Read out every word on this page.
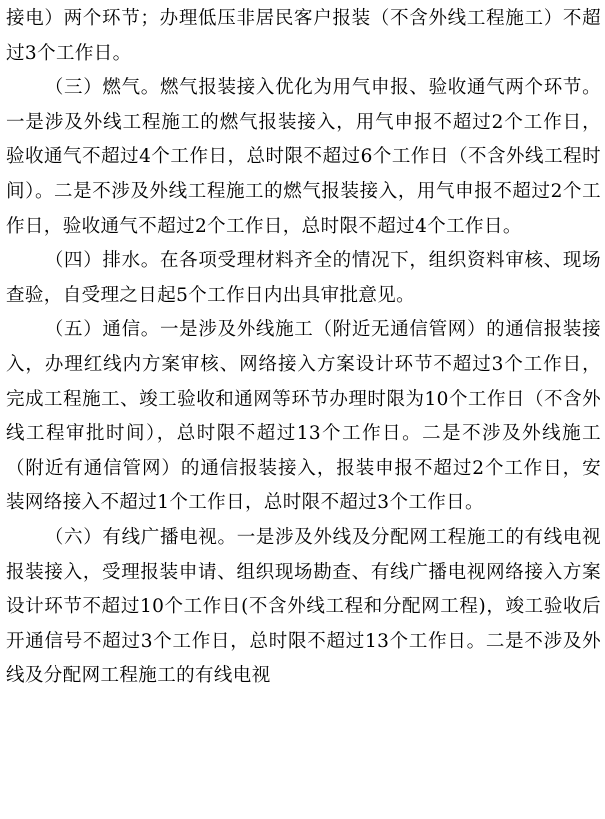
接电）两个环节；办理低压非居民客户报装（不含外线工程施工）不超过3个工作日。

（三）燃气。燃气报装接入优化为用气申报、验收通气两个环节。一是涉及外线工程施工的燃气报装接入，用气申报不超过2个工作日，验收通气不超过4个工作日，总时限不超过6个工作日（不含外线工程时间）。二是不涉及外线工程施工的燃气报装接入，用气申报不超过2个工作日，验收通气不超过2个工作日，总时限不超过4个工作日。

（四）排水。在各项受理材料齐全的情况下，组织资料审核、现场查验，自受理之日起5个工作日内出具审批意见。

（五）通信。一是涉及外线施工（附近无通信管网）的通信报装接入，办理红线内方案审核、网络接入方案设计环节不超过3个工作日，完成工程施工、竣工验收和通网等环节办理时限为10个工作日（不含外线工程审批时间），总时限不超过13个工作日。二是不涉及外线施工（附近有通信管网）的通信报装接入，报装申报不超过2个工作日，安装网络接入不超过1个工作日，总时限不超过3个工作日。

（六）有线广播电视。一是涉及外线及分配网工程施工的有线电视报装接入，受理报装申请、组织现场勘查、有线广播电视网络接入方案设计环节不超过10个工作日(不含外线工程和分配网工程)，竣工验收后开通信号不超过3个工作日，总时限不超过13个工作日。二是不涉及外线及分配网工程施工的有线电视
